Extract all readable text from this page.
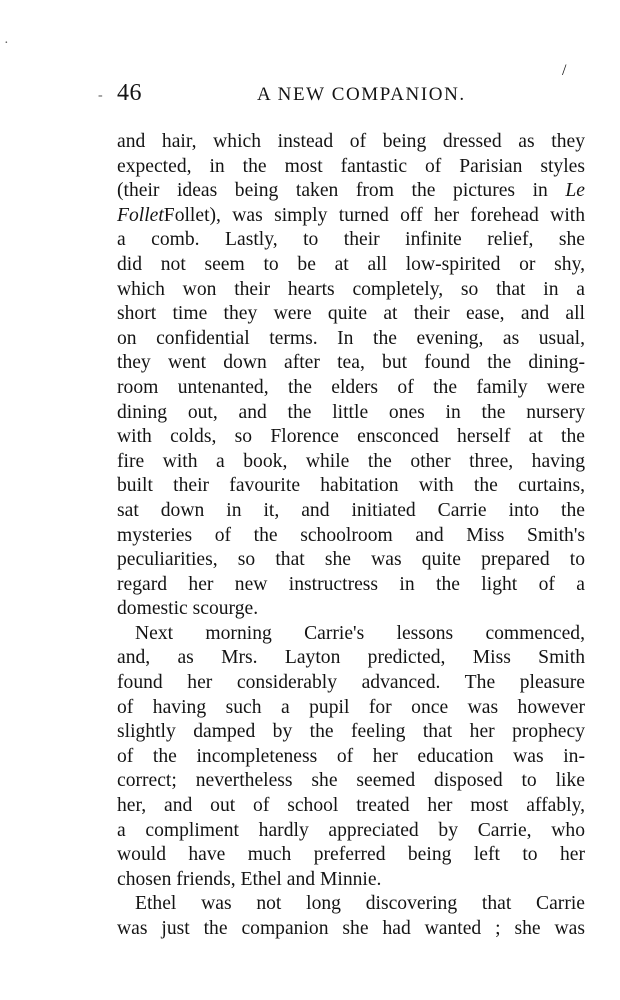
·
46	A NEW COMPANION.
/
-
and hair, which instead of being dressed as they
expected, in the most fantastic of Parisian styles
(their ideas being taken from the pictures in Le
FolletFollet), was simply turned off her forehead with
a comb. Lastly, to their infinite relief, she
did not seem to be at all low-spirited or shy,
which won their hearts completely, so that in a
short time they were quite at their ease, and all
on confidential terms. In the evening, as usual,
they went down after tea, but found the dining-
room untenanted, the elders of the family were
dining out, and the little ones in the nursery
with colds, so Florence ensconced herself at the
fire with a book, while the other three, having
built their favourite habitation with the curtains,
sat down in it, and initiated Carrie into the
mysteries of the schoolroom and Miss Smith's
peculiarities, so that she was quite prepared to
regard her new instructress in the light of a
domestic scourge.
Next morning Carrie's lessons commenced,
and, as Mrs. Layton predicted, Miss Smith
found her considerably advanced. The pleasure
of having such a pupil for once was however
slightly damped by the feeling that her prophecy
of the incompleteness of her education was in-
correct; nevertheless she seemed disposed to like
her, and out of school treated her most affably,
a compliment hardly appreciated by Carrie, who
would have much preferred being left to her
chosen friends, Ethel and Minnie.
Ethel was not long discovering that Carrie
was just the companion she had wanted ; she was
